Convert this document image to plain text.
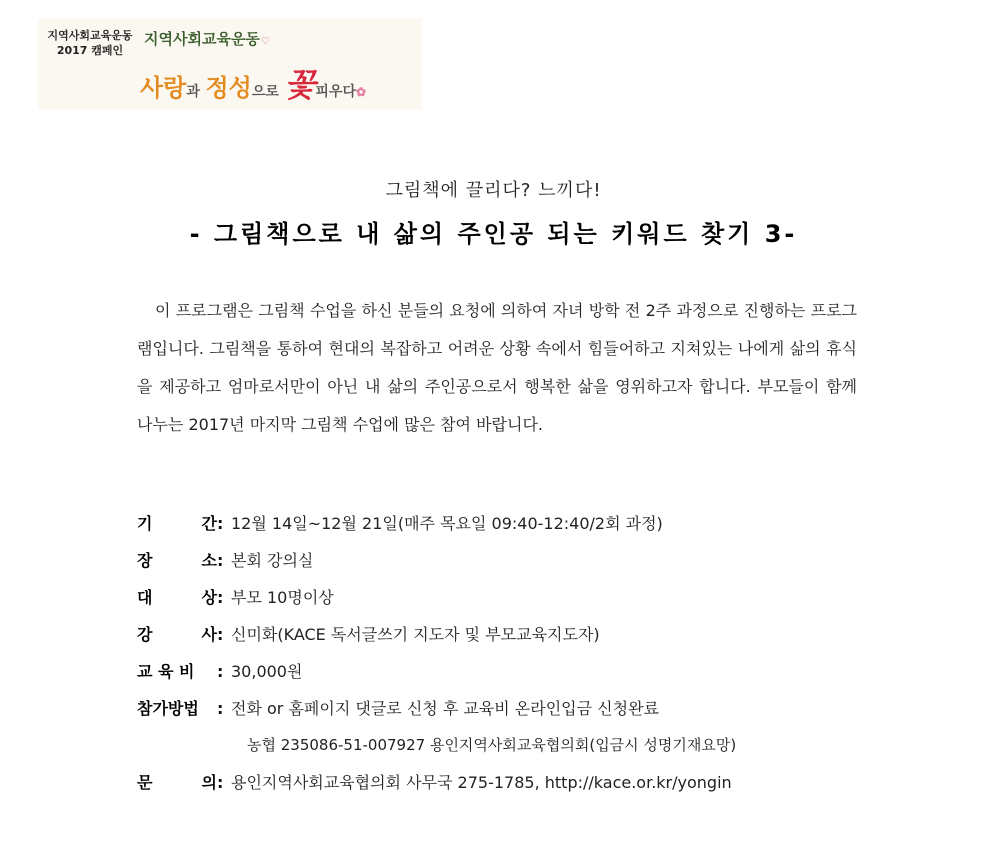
지역사회교육운동
2017 캠페인
지역사회교육운동♡
사랑과 정성으로 꽃피우다✿
그림책에 끌리다? 느끼다!
- 그림책으로 내 삶의 주인공 되는 키워드 찾기 3-

이 프로그램은 그림책 수업을 하신 분들의 요청에 의하여 자녀 방학 전 2주 과정으로 진행하는 프로그램입니다. 그림책을 통하여 현대의 복잡하고 어려운 상황 속에서 힘들어하고 지쳐있는 나에게 삶의 휴식을 제공하고 엄마로서만이 아닌 내 삶의 주인공으로서 행복한 삶을 영위하고자 합니다. 부모들이 함께 나누는 2017년 마지막 그림책 수업에 많은 참여 바랍니다.

기	간 : 12월 14일~12월 21일(매주 목요일 09:40-12:40/2회 과정)
장	소 : 본회 강의실
대	상 : 부모 10명이상
강	사 : 신미화(KACE 독서글쓰기 지도자 및 부모교육지도자)
교 육 비	: 30,000원
참가방법	: 전화 or 홈페이지 댓글로 신청 후 교육비 온라인입금 신청완료
농협 235086-51-007927 용인지역사회교육협의회(입금시 성명기재요망)
문	의 : 용인지역사회교육협의회 사무국 275-1785, http://kace.or.kr/yongin
